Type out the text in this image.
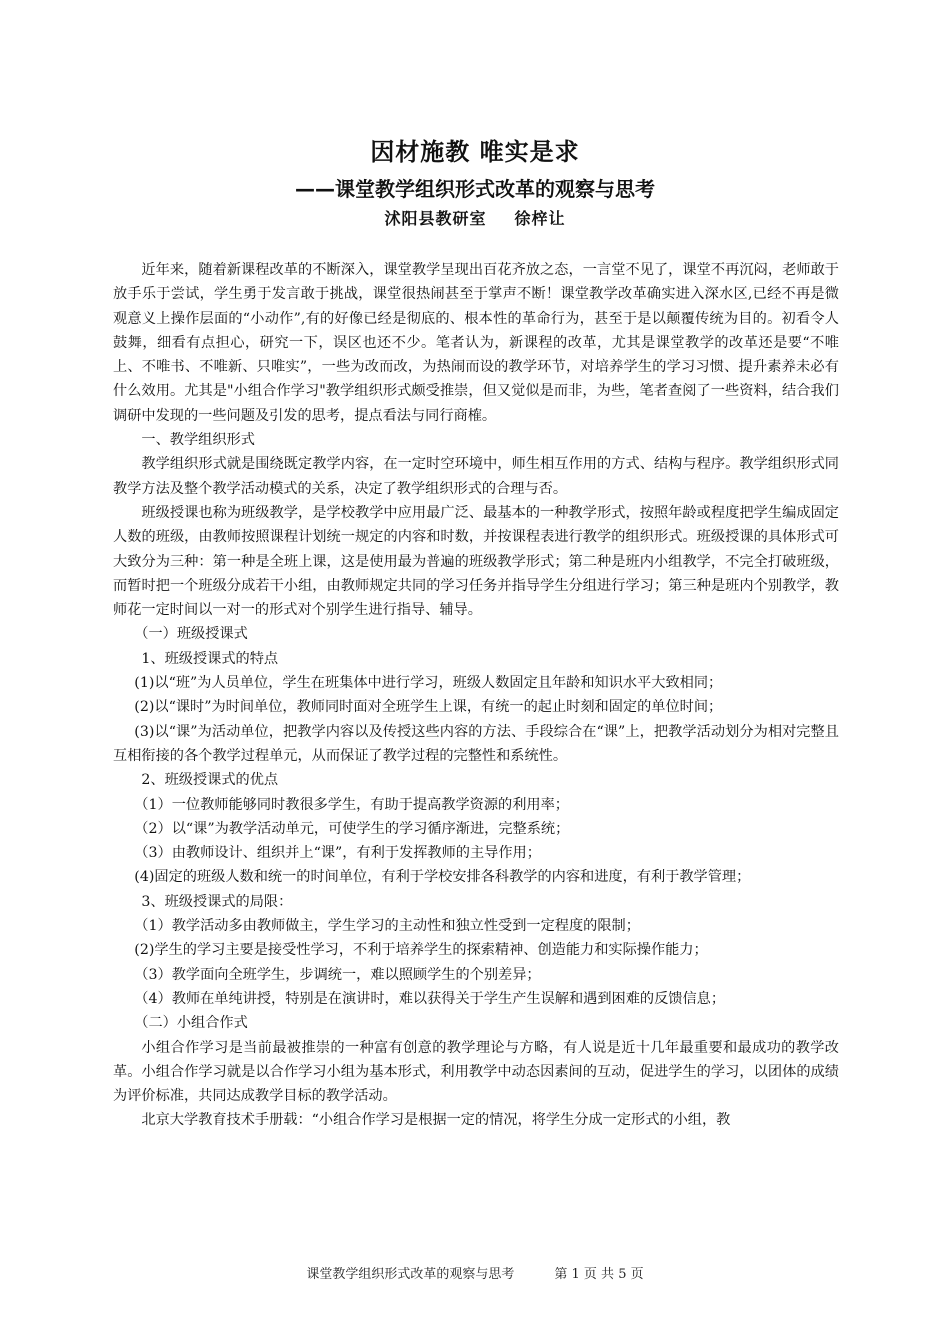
因材施教 唯实是求
——课堂教学组织形式改革的观察与思考
沭阳县教研室 徐梓让

近年来，随着新课程改革的不断深入，课堂教学呈现出百花齐放之态，一言堂不见了，课堂不再沉闷，老师敢于放手乐于尝试，学生勇于发言敢于挑战，课堂很热闹甚至于掌声不断！课堂教学改革确实进入深水区,已经不再是微观意义上操作层面的“小动作”,有的好像已经是彻底的、根本性的革命行为，甚至于是以颠覆传统为目的。初看令人鼓舞，细看有点担心，研究一下，误区也还不少。笔者认为，新课程的改革，尤其是课堂教学的改革还是要“不唯上、不唯书、不唯新、只唯实”，一些为改而改，为热闹而设的教学环节，对培养学生的学习习惯、提升素养未必有什么效用。尤其是"小组合作学习"教学组织形式颇受推崇，但又觉似是而非，为些，笔者查阅了一些资料，结合我们调研中发现的一些问题及引发的思考，提点看法与同行商榷。

一、教学组织形式

教学组织形式就是围绕既定教学内容，在一定时空环境中，师生相互作用的方式、结构与程序。教学组织形式同教学方法及整个教学活动模式的关系，决定了教学组织形式的合理与否。

班级授课也称为班级教学，是学校教学中应用最广泛、最基本的一种教学形式，按照年龄或程度把学生编成固定人数的班级，由教师按照课程计划统一规定的内容和时数，并按课程表进行教学的组织形式。班级授课的具体形式可大致分为三种：第一种是全班上课，这是使用最为普遍的班级教学形式；第二种是班内小组教学，不完全打破班级，而暂时把一个班级分成若干小组，由教师规定共同的学习任务并指导学生分组进行学习；第三种是班内个别教学，教师花一定时间以一对一的形式对个别学生进行指导、辅导。

（一）班级授课式

1、班级授课式的特点

(1)以“班”为人员单位，学生在班集体中进行学习，班级人数固定且年龄和知识水平大致相同；

(2)以“课时”为时间单位，教师同时面对全班学生上课，有统一的起止时刻和固定的单位时间；

(3)以“课”为活动单位，把教学内容以及传授这些内容的方法、手段综合在“课”上，把教学活动划分为相对完整且互相衔接的各个教学过程单元，从而保证了教学过程的完整性和系统性。

2、班级授课式的优点

（1）一位教师能够同时教很多学生，有助于提高教学资源的利用率；

（2）以“课”为教学活动单元，可使学生的学习循序渐进，完整系统；

（3）由教师设计、组织并上“课”，有利于发挥教师的主导作用；

(4)固定的班级人数和统一的时间单位，有利于学校安排各科教学的内容和进度，有利于教学管理；

3、班级授课式的局限：

（1）教学活动多由教师做主，学生学习的主动性和独立性受到一定程度的限制；

(2)学生的学习主要是接受性学习，不利于培养学生的探索精神、创造能力和实际操作能力；

（3）教学面向全班学生，步调统一，难以照顾学生的个别差异；

（4）教师在单纯讲授，特别是在演讲时，难以获得关于学生产生误解和遇到困难的反馈信息；

（二）小组合作式

小组合作学习是当前最被推崇的一种富有创意的教学理论与方略，有人说是近十几年最重要和最成功的教学改革。小组合作学习就是以合作学习小组为基本形式，利用教学中动态因素间的互动，促进学生的学习，以团体的成绩为评价标准，共同达成教学目标的教学活动。

北京大学教育技术手册载：“小组合作学习是根据一定的情况，将学生分成一定形式的小组，教

课堂教学组织形式改革的观察与思考	第 1 页 共 5 页
